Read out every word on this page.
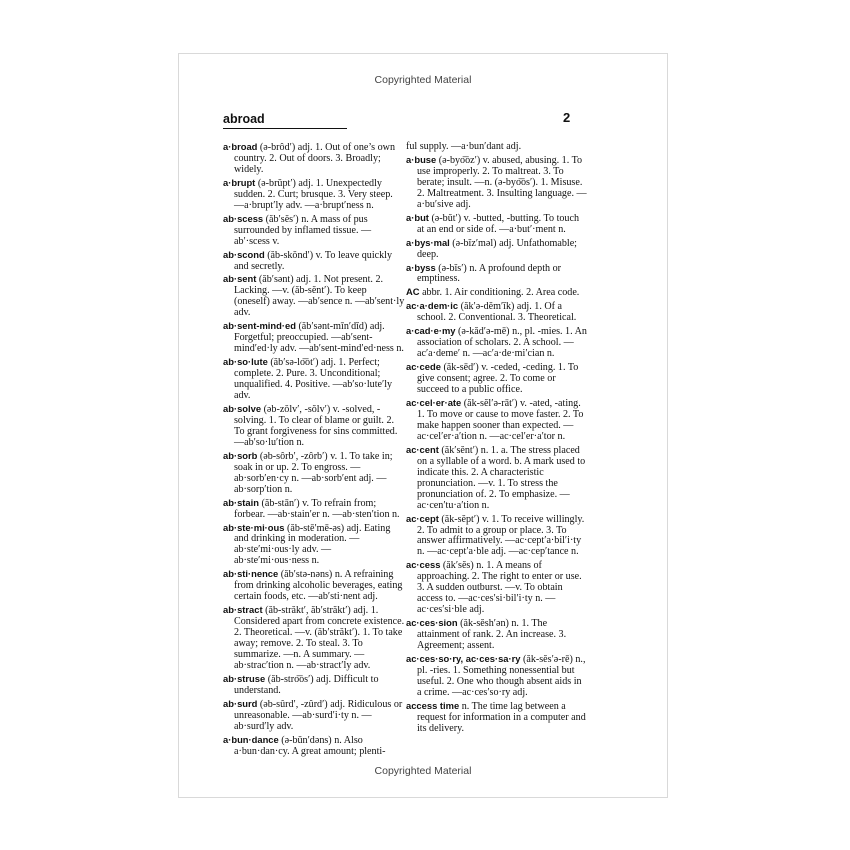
Copyrighted Material
abroad	2
a·broad (ə-brôd′) adj. 1. Out of one’s own country. 2. Out of doors. 3. Broadly; widely.
a·brupt (ə-brŭpt′) adj. 1. Unexpectedly sudden. 2. Curt; brusque. 3. Very steep. —a·brupt′ly adv. —a·brupt′ness n.
ab·scess (ăb′sĕs′) n. A mass of pus surrounded by inflamed tissue. —ab′·scess v.
ab·scond (ăb-skŏnd′) v. To leave quickly and secretly.
ab·sent (ăb′sənt) adj. 1. Not present. 2. Lacking. —v. (ăb-sĕnt′). To keep (oneself) away. —ab′sence n. —ab′sent·ly adv.
ab·sent-mind·ed (ăb′sənt-mīn′dĭd) adj. Forgetful; preoccupied. —ab′sent-mind′ed·ly adv. —ab′sent-mind′ed·ness n.
ab·so·lute (ăb′sə-lo͞ot′) adj. 1. Perfect; complete. 2. Pure. 3. Unconditional; unqualified. 4. Positive. —ab′so·lute′ly adv.
ab·solve (əb-zŏlv′, -sŏlv′) v. -solved, -solving. 1. To clear of blame or guilt. 2. To grant forgiveness for sins committed. —ab′so·lu′tion n.
ab·sorb (əb-sôrb′, -zôrb′) v. 1. To take in; soak in or up. 2. To engross. —ab·sorb′en·cy n. —ab·sorb′ent adj. —ab·sorp′tion n.
ab·stain (ăb-stān′) v. To refrain from; forbear. —ab·stain′er n. —ab·sten′tion n.
ab·ste·mi·ous (ăb-stē′mē-əs) adj. Eating and drinking in moderation. —ab·ste′mi·ous·ly adv. —ab·ste′mi·ous·ness n.
ab·sti·nence (ăb′stə-nəns) n. A refraining from drinking alcoholic beverages, eating certain foods, etc. —ab′sti·nent adj.
ab·stract (ăb-străkt′, ăb′străkt′) adj. 1. Considered apart from concrete existence. 2. Theoretical. —v. (ăb′străkt′). 1. To take away; remove. 2. To steal. 3. To summarize. —n. A summary. —ab·strac′tion n. —ab·stract′ly adv.
ab·struse (ăb-stro͞os′) adj. Difficult to understand.
ab·surd (əb-sûrd′, -zûrd′) adj. Ridiculous or unreasonable. —ab·surd′i·ty n. —ab·surd′ly adv.
a·bun·dance (ə-bŭn′dəns) n. Also a·bun·dan·cy. A great amount; plenti-
ful supply. —a·bun′dant adj.
a·buse (ə-byo͞oz′) v. abused, abusing. 1. To use improperly. 2. To maltreat. 3. To berate; insult. —n. (ə-byo͞os′). 1. Misuse. 2. Maltreatment. 3. Insulting language. —a·bu′sive adj.
a·but (ə-bŭt′) v. -butted, -butting. To touch at an end or side of. —a·but′·ment n.
a·bys·mal (ə-bĭz′məl) adj. Unfathomable; deep.
a·byss (ə-bĭs′) n. A profound depth or emptiness.
AC abbr. 1. Air conditioning. 2. Area code.
ac·a·dem·ic (ăk′ə-dĕm′ĭk) adj. 1. Of a school. 2. Conventional. 3. Theoretical.
a·cad·e·my (ə-kăd′ə-mē) n., pl. -mies. 1. An association of scholars. 2. A school. —ac′a·deme′ n. —ac′a·de·mi′cian n.
ac·cede (ăk-sēd′) v. -ceded, -ceding. 1. To give consent; agree. 2. To come or succeed to a public office.
ac·cel·er·ate (ăk-sĕl′ə-rāt′) v. -ated, -ating. 1. To move or cause to move faster. 2. To make happen sooner than expected. —ac·cel′er·a′tion n. —ac·cel′er·a′tor n.
ac·cent (ăk′sĕnt′) n. 1. a. The stress placed on a syllable of a word. b. A mark used to indicate this. 2. A characteristic pronunciation. —v. 1. To stress the pronunciation of. 2. To emphasize. —ac·cen′tu·a′tion n.
ac·cept (ăk-sĕpt′) v. 1. To receive willingly. 2. To admit to a group or place. 3. To answer affirmatively. —ac·cept′a·bil′i·ty n. —ac·cept′a·ble adj. —ac·cep′tance n.
ac·cess (ăk′sĕs) n. 1. A means of approaching. 2. The right to enter or use. 3. A sudden outburst. —v. To obtain access to. —ac·ces′si·bil′i·ty n. —ac·ces′si·ble adj.
ac·ces·sion (ăk-sĕsh′ən) n. 1. The attainment of rank. 2. An increase. 3. Agreement; assent.
ac·ces·so·ry, ac·ces·sa·ry (ăk-sĕs′ə-rē) n., pl. -ries. 1. Something nonessential but useful. 2. One who though absent aids in a crime. —ac·ces′so·ry adj.
access time n. The time lag between a request for information in a computer and its delivery.
Copyrighted Material
